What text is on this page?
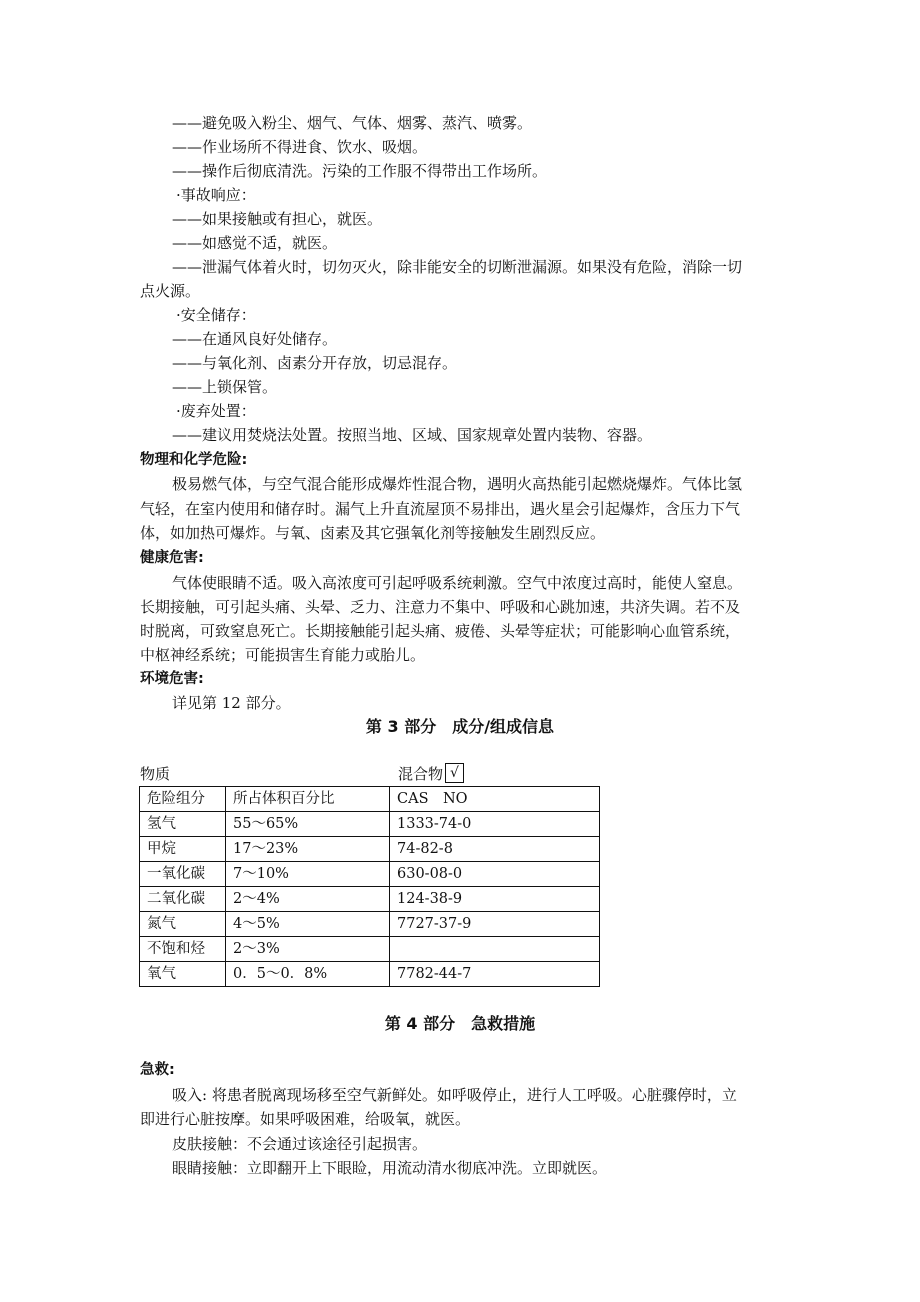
——避免吸入粉尘、烟气、气体、烟雾、蒸汽、喷雾。
——作业场所不得进食、饮水、吸烟。
——操作后彻底清洗。污染的工作服不得带出工作场所。
·事故响应：
——如果接触或有担心，就医。
——如感觉不适，就医。
——泄漏气体着火时，切勿灭火，除非能安全的切断泄漏源。如果没有危险，消除一切
点火源。
·安全储存：
——在通风良好处储存。
——与氧化剂、卤素分开存放，切忌混存。
——上锁保管。
·废弃处置：
——建议用焚烧法处置。按照当地、区域、国家规章处置内装物、容器。
物理和化学危险:
极易燃气体，与空气混合能形成爆炸性混合物，遇明火高热能引起燃烧爆炸。气体比氢
气轻，在室内使用和储存时。漏气上升直流屋顶不易排出，遇火星会引起爆炸，含压力下气
体，如加热可爆炸。与氧、卤素及其它强氧化剂等接触发生剧烈反应。
健康危害:
气体使眼睛不适。吸入高浓度可引起呼吸系统刺激。空气中浓度过高时，能使人窒息。
长期接触，可引起头痛、头晕、乏力、注意力不集中、呼吸和心跳加速，共济失调。若不及
时脱离，可致窒息死亡。长期接触能引起头痛、疲倦、头晕等症状；可能影响心血管系统，
中枢神经系统；可能损害生育能力或胎儿。
环境危害:
详见第 12 部分。
第 3 部分 成分/组成信息
物质	混合物 √
危险组分	所占体积百分比	CAS　NO
氢气	55～65%	1333-74-0
甲烷	17～23%	74-82-8
一氧化碳	7～10%	630-08-0
二氧化碳	2～4%	124-38-9
氮气	4～5%	7727-37-9
不饱和烃	2～3%	
氧气	0．5～0．8%	7782-44-7
第 4 部分 急救措施
急救:
吸入: 将患者脱离现场移至空气新鲜处。如呼吸停止，进行人工呼吸。心脏骤停时，立
即进行心脏按摩。如果呼吸困难，给吸氧，就医。
皮肤接触：不会通过该途径引起损害。
眼睛接触：立即翻开上下眼睑，用流动清水彻底冲洗。立即就医。
